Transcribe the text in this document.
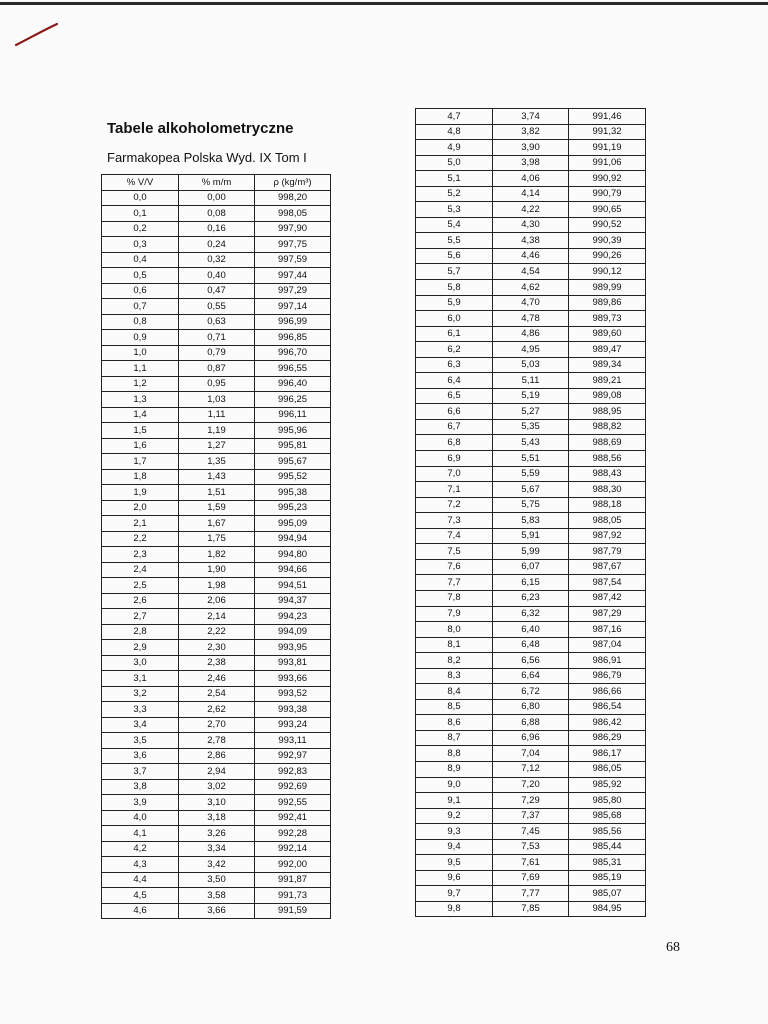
Tabele alkoholometryczne
Farmakopea Polska Wyd. IX Tom I
% V/V	% m/m	ρ (kg/m³)
0,0	0,00	998,20
0,1	0,08	998,05
0,2	0,16	997,90
0,3	0,24	997,75
0,4	0,32	997,59
0,5	0,40	997,44
0,6	0,47	997,29
0,7	0,55	997,14
0,8	0,63	996,99
0,9	0,71	996,85
1,0	0,79	996,70
1,1	0,87	996,55
1,2	0,95	996,40
1,3	1,03	996,25
1,4	1,11	996,11
1,5	1,19	995,96
1,6	1,27	995,81
1,7	1,35	995,67
1,8	1,43	995,52
1,9	1,51	995,38
2,0	1,59	995,23
2,1	1,67	995,09
2,2	1,75	994,94
2,3	1,82	994,80
2,4	1,90	994,66
2,5	1,98	994,51
2,6	2,06	994,37
2,7	2,14	994,23
2,8	2,22	994,09
2,9	2,30	993,95
3,0	2,38	993,81
3,1	2,46	993,66
3,2	2,54	993,52
3,3	2,62	993,38
3,4	2,70	993,24
3,5	2,78	993,11
3,6	2,86	992,97
3,7	2,94	992,83
3,8	3,02	992,69
3,9	3,10	992,55
4,0	3,18	992,41
4,1	3,26	992,28
4,2	3,34	992,14
4,3	3,42	992,00
4,4	3,50	991,87
4,5	3,58	991,73
4,6	3,66	991,59
4,7	3,74	991,46
4,8	3,82	991,32
4,9	3,90	991,19
5,0	3,98	991,06
5,1	4,06	990,92
5,2	4,14	990,79
5,3	4,22	990,65
5,4	4,30	990,52
5,5	4,38	990,39
5,6	4,46	990,26
5,7	4,54	990,12
5,8	4,62	989,99
5,9	4,70	989,86
6,0	4,78	989,73
6,1	4,86	989,60
6,2	4,95	989,47
6,3	5,03	989,34
6,4	5,11	989,21
6,5	5,19	989,08
6,6	5,27	988,95
6,7	5,35	988,82
6,8	5,43	988,69
6,9	5,51	988,56
7,0	5,59	988,43
7,1	5,67	988,30
7,2	5,75	988,18
7,3	5,83	988,05
7,4	5,91	987,92
7,5	5,99	987,79
7,6	6,07	987,67
7,7	6,15	987,54
7,8	6,23	987,42
7,9	6,32	987,29
8,0	6,40	987,16
8,1	6,48	987,04
8,2	6,56	986,91
8,3	6,64	986,79
8,4	6,72	986,66
8,5	6,80	986,54
8,6	6,88	986,42
8,7	6,96	986,29
8,8	7,04	986,17
8,9	7,12	986,05
9,0	7,20	985,92
9,1	7,29	985,80
9,2	7,37	985,68
9,3	7,45	985,56
9,4	7,53	985,44
9,5	7,61	985,31
9,6	7,69	985,19
9,7	7,77	985,07
9,8	7,85	984,95
68
